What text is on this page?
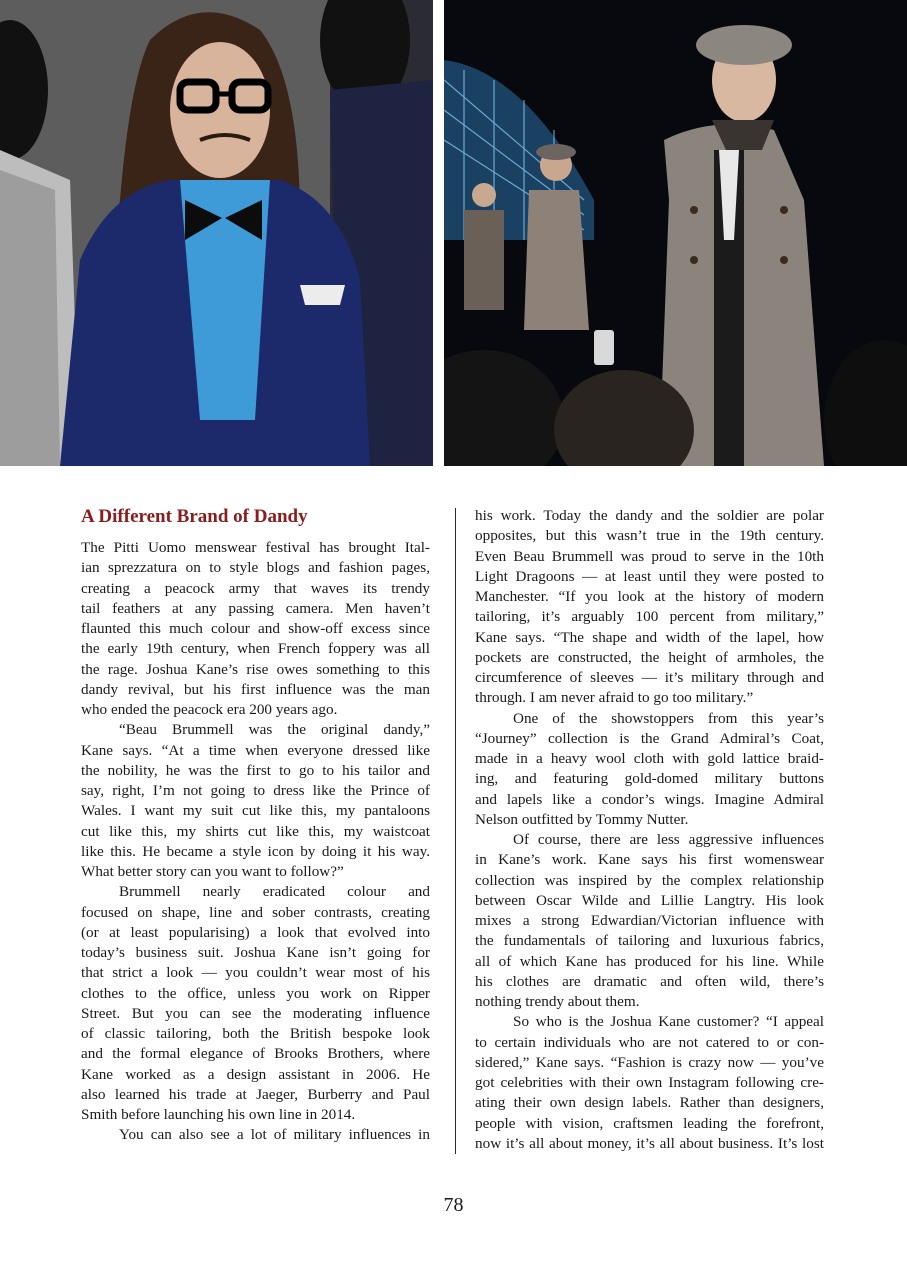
A Different Brand of Dandy
The Pitti Uomo menswear festival has brought Ital-
ian sprezzatura on to style blogs and fashion pages,
creating a peacock army that waves its trendy
tail feathers at any passing camera. Men haven’t
flaunted this much colour and show-off excess since
the early 19th century, when French foppery was all
the rage. Joshua Kane’s rise owes something to this
dandy revival, but his first influence was the man
who ended the peacock era 200 years ago.
“Beau Brummell was the original dandy,”
Kane says. “At a time when everyone dressed like
the nobility, he was the first to go to his tailor and
say, right, I’m not going to dress like the Prince of
Wales. I want my suit cut like this, my pantaloons
cut like this, my shirts cut like this, my waistcoat
like this. He became a style icon by doing it his way.
What better story can you want to follow?”
Brummell nearly eradicated colour and
focused on shape, line and sober contrasts, creating
(or at least popularising) a look that evolved into
today’s business suit. Joshua Kane isn’t going for
that strict a look — you couldn’t wear most of his
clothes to the office, unless you work on Ripper
Street. But you can see the moderating influence
of classic tailoring, both the British bespoke look
and the formal elegance of Brooks Brothers, where
Kane worked as a design assistant in 2006. He
also learned his trade at Jaeger, Burberry and Paul
Smith before launching his own line in 2014.
You can also see a lot of military influences in
his work. Today the dandy and the soldier are polar
opposites, but this wasn’t true in the 19th century.
Even Beau Brummell was proud to serve in the 10th
Light Dragoons — at least until they were posted to
Manchester. “If you look at the history of modern
tailoring, it’s arguably 100 percent from military,”
Kane says. “The shape and width of the lapel, how
pockets are constructed, the height of armholes, the
circumference of sleeves — it’s military through and
through. I am never afraid to go too military.”
One of the showstoppers from this year’s
“Journey” collection is the Grand Admiral’s Coat,
made in a heavy wool cloth with gold lattice braid-
ing, and featuring gold-domed military buttons
and lapels like a condor’s wings. Imagine Admiral
Nelson outfitted by Tommy Nutter.
Of course, there are less aggressive influences
in Kane’s work. Kane says his first womenswear
collection was inspired by the complex relationship
between Oscar Wilde and Lillie Langtry. His look
mixes a strong Edwardian/Victorian influence with
the fundamentals of tailoring and luxurious fabrics,
all of which Kane has produced for his line. While
his clothes are dramatic and often wild, there’s
nothing trendy about them.
So who is the Joshua Kane customer? “I appeal
to certain individuals who are not catered to or con-
sidered,” Kane says. “Fashion is crazy now — you’ve
got celebrities with their own Instagram following cre-
ating their own design labels. Rather than designers,
people with vision, craftsmen leading the forefront,
now it’s all about money, it’s all about business. It’s lost
78
